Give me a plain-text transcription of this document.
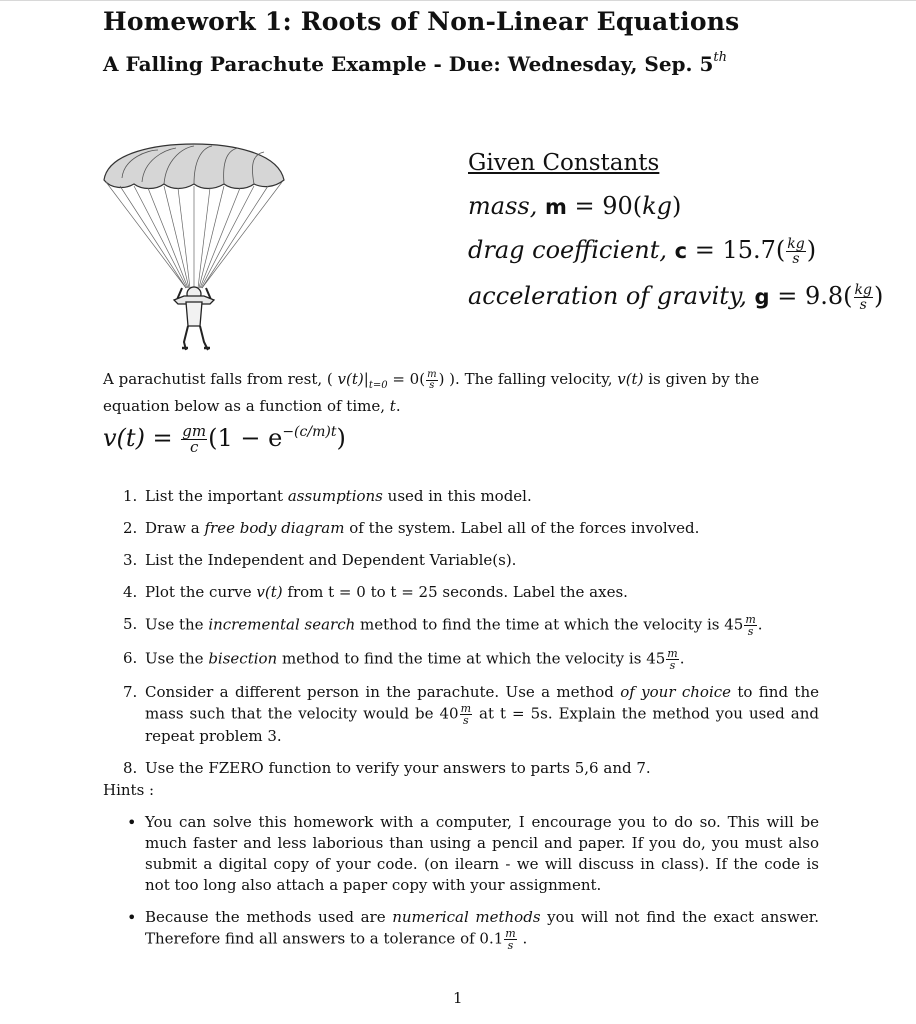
Homework 1: Roots of Non-Linear Equations
A Falling Parachute Example - Due: Wednesday, Sep. 5th
Given Constants
mass, m = 90(kg)
drag coefficient, $c = 15.7( \frac{kg}{s}$ )
acceleration of gravity, $g = 9.8( \frac{kg}{s}$ )
A parachutist falls from rest, ( $v(t)|_{t=0} = 0( \frac{m}{s}$ ) ). The falling velocity, v(t) is given by the equation below as a function of time, t.
$v(t) = \frac{gm}{c} (1 - e^{-(c/m)t})$
1. List the important assumptions used in this model.
2. Draw a free body diagram of the system. Label all of the forces involved.
3. List the Independent and Dependent Variable(s).
4. Plot the curve v(t) from t = 0 to t = 25 seconds. Label the axes.
5. Use the incremental search method to find the time at which the velocity is $45 \frac{m}{s}$ .
6. Use the bisection method to find the time at which the velocity is $45 \frac{m}{s}$ .
7. Consider a different person in the parachute. Use a method of your choice to find the mass such that the velocity would be $40 \frac{m}{s}$ at t = 5s. Explain the method you used and repeat problem 3.
8. Use the FZERO function to verify your answers to parts 5,6 and 7.
Hints :
• You can solve this homework with a computer, I encourage you to do so. This will be much faster and less laborious than using a pencil and paper. If you do, you must also submit a digital copy of your code. (on ilearn - we will discuss in class). If the code is not too long also attach a paper copy with your assignment.
• Because the methods used are numerical methods you will not find the exact answer. Therefore find all answers to a tolerance of $0.1 \frac{m}{s}$ .
1
